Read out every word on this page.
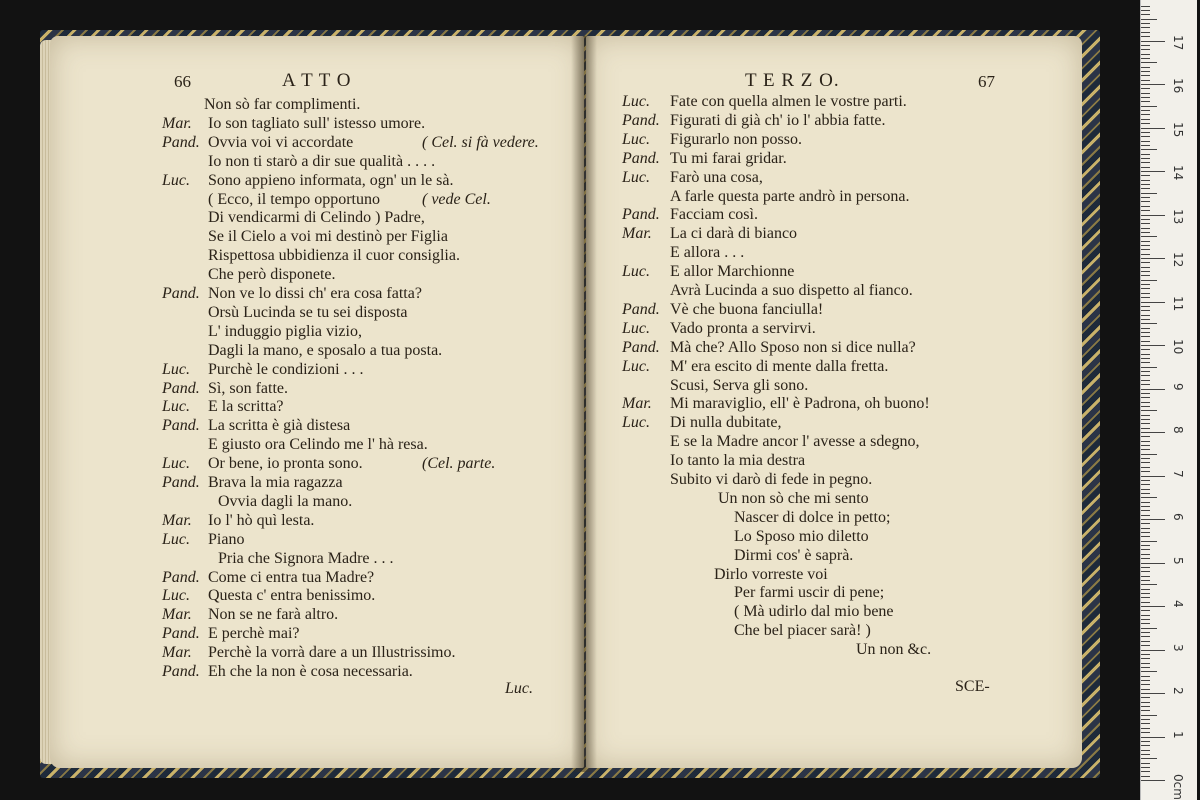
66	A T T O	67
T E R Z O.
Non sò far complimenti.
Mar. Io son tagliato sull' istesso umore.
Pand. Ovvia voi vi accordate	( Cel. si fà vedere.
Io non ti starò a dir sue qualità . . . .
Luc. Sono appieno informata, ogn' un le sà.
( Ecco, il tempo opportuno	( vede Cel.
Di vendicarmi di Celindo ) Padre,
Se il Cielo a voi mi destinò per Figlia
Rispettosa ubbidienza il cuor consiglia.
Che però disponete.
Pand. Non ve lo dissi ch' era cosa fatta?
Orsù Lucinda se tu sei disposta
L' induggio piglia vizio,
Dagli la mano, e sposalo a tua posta.
Luc. Purchè le condizioni . . .
Pand. Sì, son fatte.
Luc. E la scritta?
Pand. La scritta è già distesa
E giusto ora Celindo me l' hà resa.
Luc. Or bene, io pronta sono.	(Cel. parte.
Pand. Brava la mia ragazza
Ovvia dagli la mano.
Mar. Io l' hò quì lesta.
Luc. Piano
Pria che Signora Madre . . .
Pand. Come ci entra tua Madre?
Luc. Questa c' entra benissimo.
Mar. Non se ne farà altro.
Pand. E perchè mai?
Mar. Perchè la vorrà dare a un Illustrissimo.
Pand. Eh che la non è cosa necessaria.
Luc. Fate con quella almen le vostre parti.
Pand. Figurati di già ch' io l' abbia fatte.
Luc. Figurarlo non posso.
Pand. Tu mi farai gridar.
Luc. Farò una cosa,
A farle questa parte andrò in persona.
Pand. Facciam così.
Mar. La ci darà di bianco
E allora . . .
Luc. E allor Marchionne
Avrà Lucinda a suo dispetto al fianco.
Pand. Vè che buona fanciulla!
Luc. Vado pronta a servirvi.
Pand. Mà che? Allo Sposo non si dice nulla?
Luc. M' era escito di mente dalla fretta.
Scusi, Serva gli sono.
Mar. Mi maraviglio, ell' è Padrona, oh buono!
Luc. Di nulla dubitate,
E se la Madre ancor l' avesse a sdegno,
Io tanto la mia destra
Subito vi darò di fede in pegno.
Un non sò che mi sento
Nascer di dolce in petto;
Lo Sposo mio diletto
Dirmi cos' è saprà.
Dirlo vorreste voi
Per farmi uscir di pene;
( Mà udirlo dal mio bene
Che bel piacer sarà! )
Un non &c.
Luc.	SCE-
0cm
1
2
3
4
5
6
7
8
9
10
11
12
13
14
15
16
17
